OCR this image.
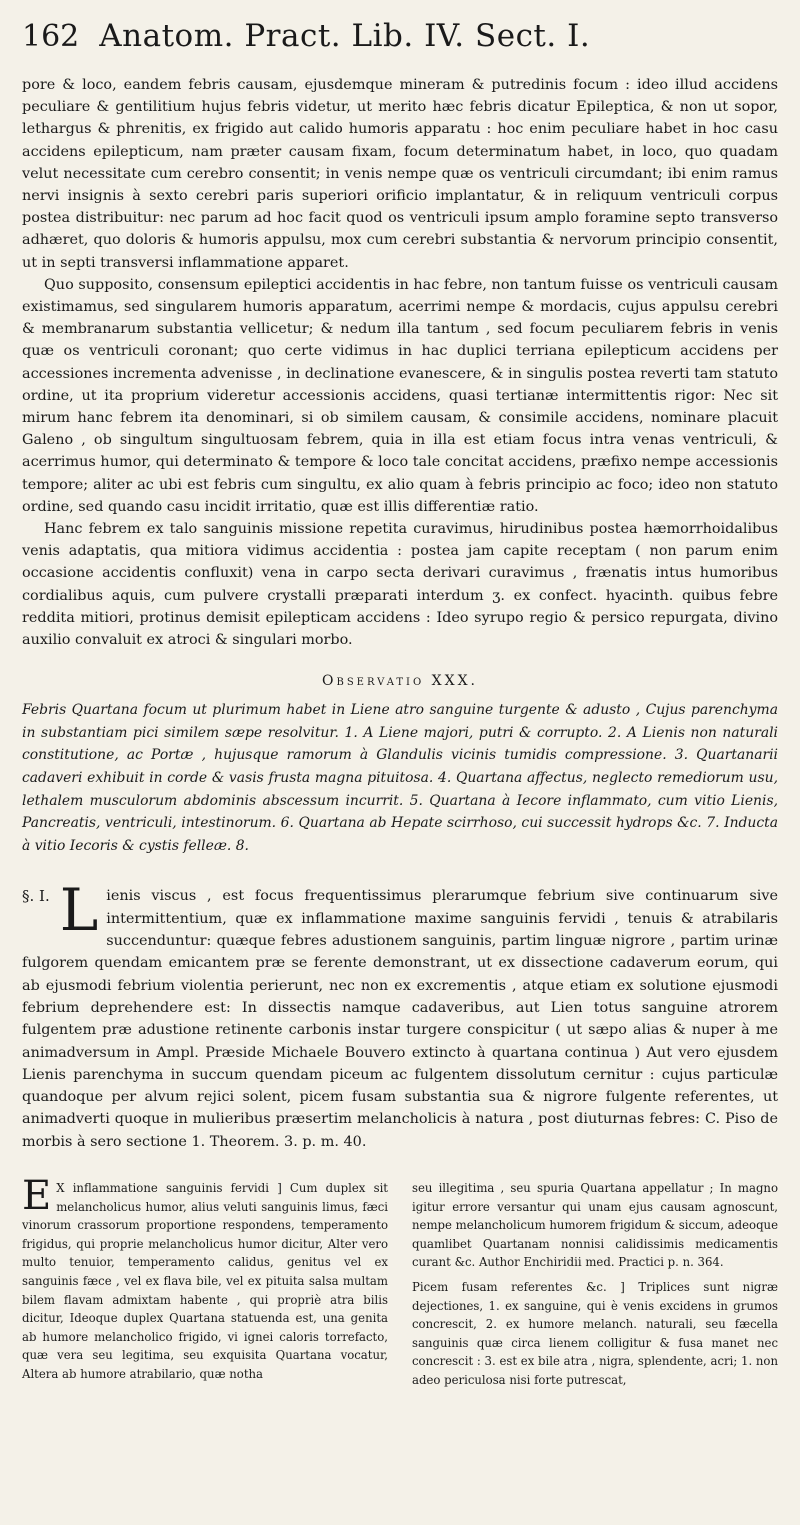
162 Anatom. Pract. Lib. IV. Sect. I.

pore & loco, eandem febris causam, ejusdemque mineram & putredinis focum : ideo illud accidens peculiare & gentilitium hujus febris videtur, ut merito hæc febris dicatur Epileptica, & non ut sopor, lethargus & phrenitis, ex frigido aut calido humoris apparatu : hoc enim peculiare habet in hoc casu accidens epilepticum, nam præter causam fixam, focum determinatum habet, in loco, quo quadam velut necessitate cum cerebro consentit; in venis nempe quæ os ventriculi circumdant; ibi enim ramus nervi insignis à sexto cerebri paris superiori orificio implantatur, & in reliquum ventriculi corpus postea distribuitur: nec parum ad hoc facit quod os ventriculi ipsum amplo foramine septo transverso adhæret, quo doloris & humoris appulsu, mox cum cerebri substantia & nervorum principio consentit, ut in septi transversi inflammatione apparet.

Quo supposito, consensum epileptici accidentis in hac febre, non tantum fuisse os ventriculi causam existimamus, sed singularem humoris apparatum, acerrimi nempe & mordacis, cujus appulsu cerebri & membranarum substantia vellicetur; & nedum illa tantum , sed focum peculiarem febris in venis quæ os ventriculi coronant; quo certe vidimus in hac duplici terriana epilepticum accidens per accessiones incrementa advenisse , in declinatione evanescere, & in singulis postea reverti tam statuto ordine, ut ita proprium videretur accessionis accidens, quasi tertianæ intermittentis rigor: Nec sit mirum hanc febrem ita denominari, si ob similem causam, & consimile accidens, nominare placuit Galeno , ob singultum singultuosam febrem, quia in illa est etiam focus intra venas ventriculi, & acerrimus humor, qui determinato & tempore & loco tale concitat accidens, præfixo nempe accessionis tempore; aliter ac ubi est febris cum singultu, ex alio quam à febris principio ac foco; ideo non statuto ordine, sed quando casu incidit irritatio, quæ est illis differentiæ ratio.

Hanc febrem ex talo sanguinis missione repetita curavimus, hirudinibus postea hæmorrhoidalibus venis adaptatis, qua mitiora vidimus accidentia : postea jam capite receptam ( non parum enim occasione accidentis confluxit) vena in carpo secta derivari curavimus , frænatis intus humoribus cordialibus aquis, cum pulvere crystalli præparati interdum ʒ. ex confect. hyacinth. quibus febre reddita mitiori, protinus demisit epilepticam accidens : Ideo syrupo regio & persico repurgata, divino auxilio convaluit ex atroci & singulari morbo.

Observatio XXX.

Febris Quartana focum ut plurimum habet in Liene atro sanguine turgente & adusto , Cujus parenchyma in substantiam pici similem sæpe resolvitur. 1. A Liene majori, putri & corrupto. 2. A Lienis non naturali constitutione, ac Portæ , hujusque ramorum à Glandulis vicinis tumidis compressione. 3. Quartanarii cadaveri exhibuit in corde & vasis frusta magna pituitosa. 4. Quartana affectus, neglecto remediorum usu, lethalem musculorum abdominis abscessum incurrit. 5. Quartana à Iecore inflammato, cum vitio Lienis, Pancreatis, ventriculi, intestinorum. 6. Quartana ab Hepate scirrhoso, cui successit hydrops &c. 7. Inducta à vitio Iecoris & cystis felleæ. 8.

§. I. L ienis viscus , est focus frequentissimus plerarumque febrium sive continuarum sive intermittentium, quæ ex inflammatione maxime sanguinis fervidi , tenuis & atrabilaris succenduntur: quæque febres adustionem sanguinis, partim linguæ nigrore , partim urinæ fulgorem quendam emicantem præ se ferente demonstrant, ut ex dissectione cadaverum eorum, qui ab ejusmodi febrium violentia perierunt, nec non ex excrementis , atque etiam ex solutione ejusmodi febrium deprehendere est: In dissectis namque cadaveribus, aut Lien totus sanguine atrorem fulgentem præ adustione retinente carbonis instar turgere conspicitur ( ut sæpo alias & nuper à me animadversum in Ampl. Præside Michaele Bouvero extincto à quartana continua ) Aut vero ejusdem Lienis parenchyma in succum quendam piceum ac fulgentem dissolutum cernitur : cujus particulæ quandoque per alvum rejici solent, picem fusam substantia sua & nigrore fulgente referentes, ut animadverti quoque in mulieribus præsertim melancholicis à natura , post diuturnas febres: C. Piso de morbis à sero sectione 1. Theorem. 3. p. m. 40.

E X inflammatione sanguinis fervidi ] Cum duplex sit melancholicus humor, alius veluti sanguinis limus, fæci vinorum crassorum proportione respondens, temperamento frigidus, qui proprie melancholicus humor dicitur, Alter vero multo tenuior, temperamento calidus, genitus vel ex sanguinis fæce , vel ex flava bile, vel ex pituita salsa multam bilem flavam admixtam habente , qui propriè atra bilis dicitur, Ideoque duplex Quartana statuenda est, una genita ab humore melancholico frigido, vi ignei caloris torrefacto, quæ vera seu legitima, seu exquisita Quartana vocatur, Altera ab humore atrabilario, quæ notha

seu illegitima , seu spuria Quartana appellatur ; In magno igitur errore versantur qui unam ejus causam agnoscunt, nempe melancholicum humorem frigidum & siccum, adeoque quamlibet Quartanam nonnisi calidissimis medicamentis curant &c. Author Enchiridii med. Practici p. n. 364.

Picem fusam referentes &c. ] Triplices sunt nigræ dejectiones, 1. ex sanguine, qui è venis excidens in grumos concrescit, 2. ex humore melanch. naturali, seu fæcella sanguinis quæ circa lienem colligitur & fusa manet nec concrescit : 3. est ex bile atra , nigra, splendente, acri; 1. non adeo periculosa nisi forte putrescat,
